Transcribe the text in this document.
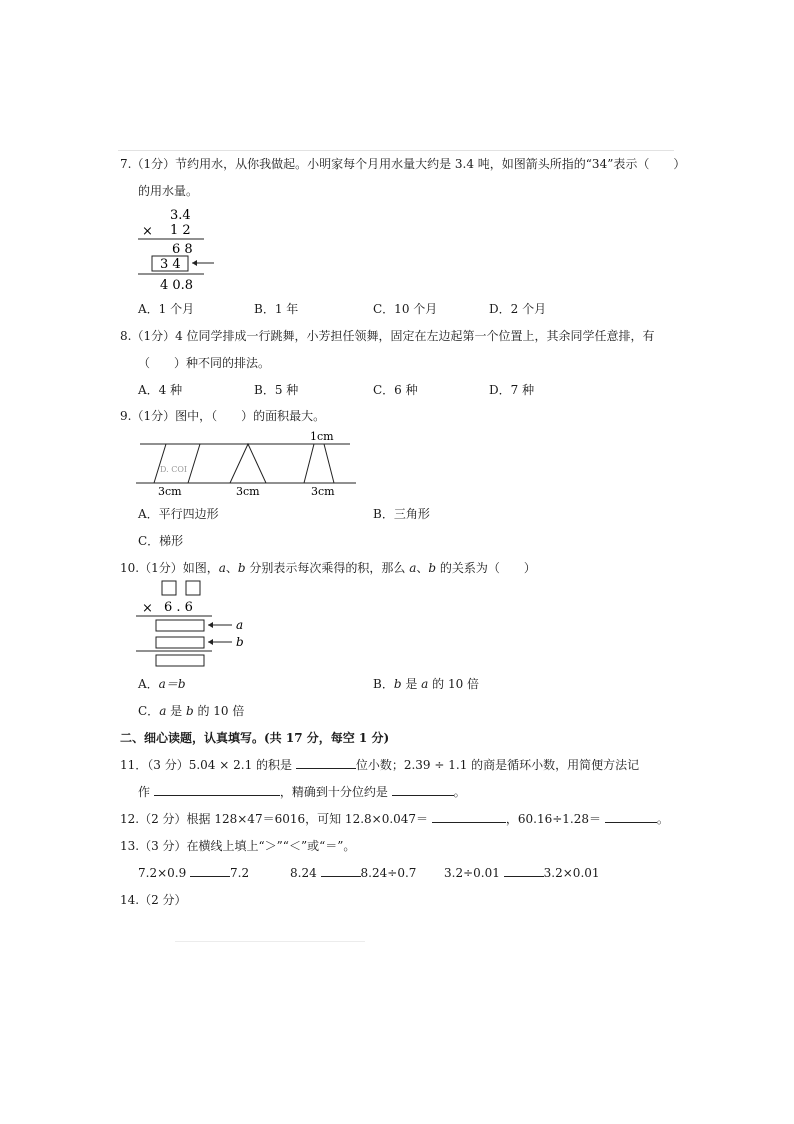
7.（1分）节约用水，从你我做起。小明家每个月用水量大约是 3.4 吨，如图箭头所指的“34”表示（　　）
的用水量。
3.4
× 1 2
6 8
3 4
4 0.8
A．1 个月	B．1 年	C．10 个月	D．2 个月
8.（1分）4 位同学排成一行跳舞，小芳担任领舞，固定在左边起第一个位置上，其余同学任意排，有
（　　）种不同的排法。
A．4 种	B．5 种	C．6 种	D．7 种
9.（1分）图中，（　　）的面积最大。
1cm
D. COI
3cm	3cm	3cm
A．平行四边形	B．三角形
C．梯形
10.（1分）如图，a、b 分别表示每次乘得的积，那么 a、b 的关系为（　　）
× 6 . 6
a
b
A．a＝b	B．b 是 a 的 10 倍
C．a 是 b 的 10 倍
二、细心读题，认真填写。(共 17 分，每空 1 分)
11．（3 分）5.04 × 2.1 的积是	位小数；2.39 ÷ 1.1 的商是循环小数，用简便方法记
作	，精确到十分位约是	。
12.（2 分）根据 128×47＝6016，可知 12.8×0.047＝	，60.16÷1.28＝	。
13.（3 分）在横线上填上“＞”“＜”或“＝”。
7.2×0.9	7.2	8.24	8.24÷0.7 3.2÷0.01	3.2×0.01
14.（2 分）
